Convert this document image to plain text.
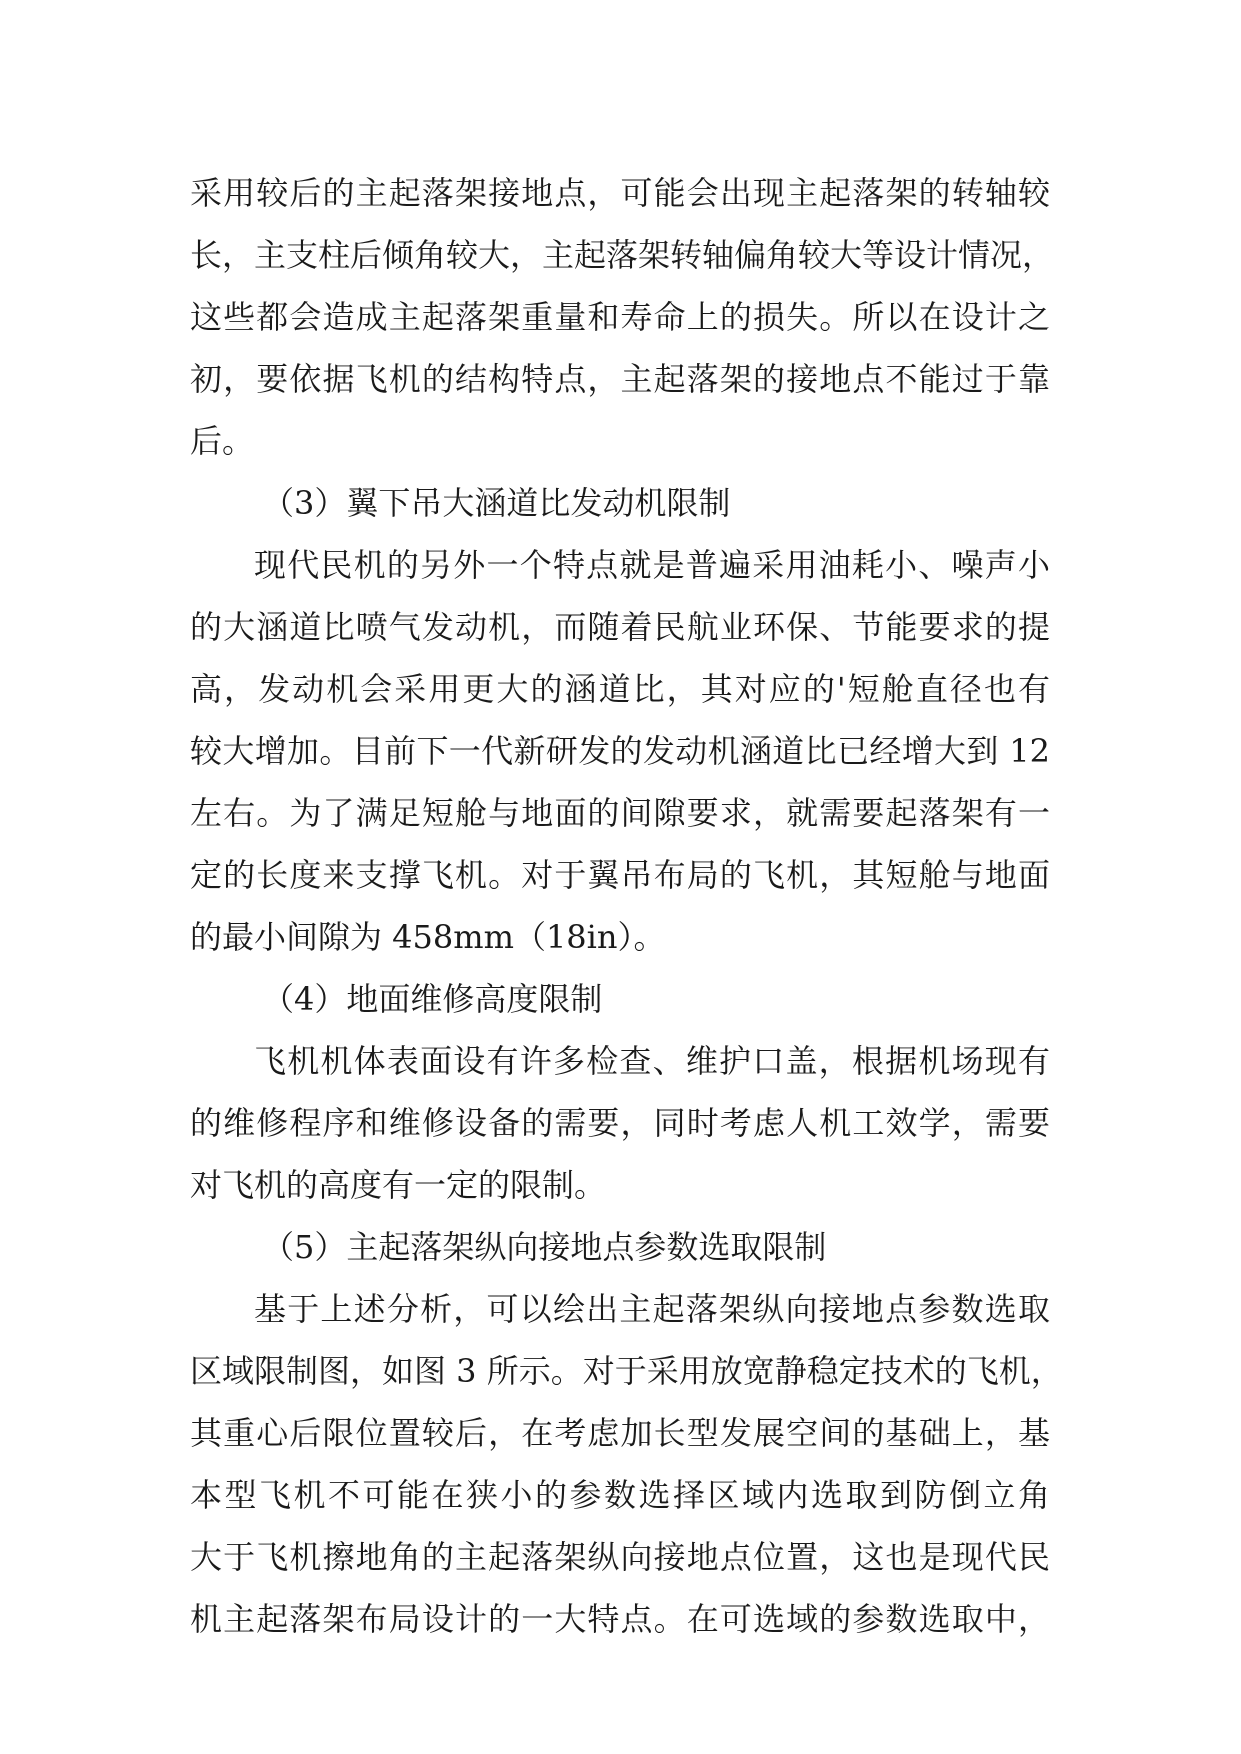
采用较后的主起落架接地点，可能会出现主起落架的转轴较
长，主支柱后倾角较大，主起落架转轴偏角较大等设计情况，
这些都会造成主起落架重量和寿命上的损失。所以在设计之
初，要依据飞机的结构特点，主起落架的接地点不能过于靠
后。
（3）翼下吊大涵道比发动机限制
现代民机的另外一个特点就是普遍采用油耗小、噪声小
的大涵道比喷气发动机，而随着民航业环保、节能要求的提
高，发动机会采用更大的涵道比，其对应的'短舱直径也有
较大增加。目前下一代新研发的发动机涵道比已经增大到 12
左右。为了满足短舱与地面的间隙要求，就需要起落架有一
定的长度来支撑飞机。对于翼吊布局的飞机，其短舱与地面
的最小间隙为 458mm（18in）。
（4）地面维修高度限制
飞机机体表面设有许多检查、维护口盖，根据机场现有
的维修程序和维修设备的需要，同时考虑人机工效学，需要
对飞机的高度有一定的限制。
（5）主起落架纵向接地点参数选取限制
基于上述分析，可以绘出主起落架纵向接地点参数选取
区域限制图，如图 3 所示。对于采用放宽静稳定技术的飞机，
其重心后限位置较后，在考虑加长型发展空间的基础上，基
本型飞机不可能在狭小的参数选择区域内选取到防倒立角
大于飞机擦地角的主起落架纵向接地点位置，这也是现代民
机主起落架布局设计的一大特点。在可选域的参数选取中，
